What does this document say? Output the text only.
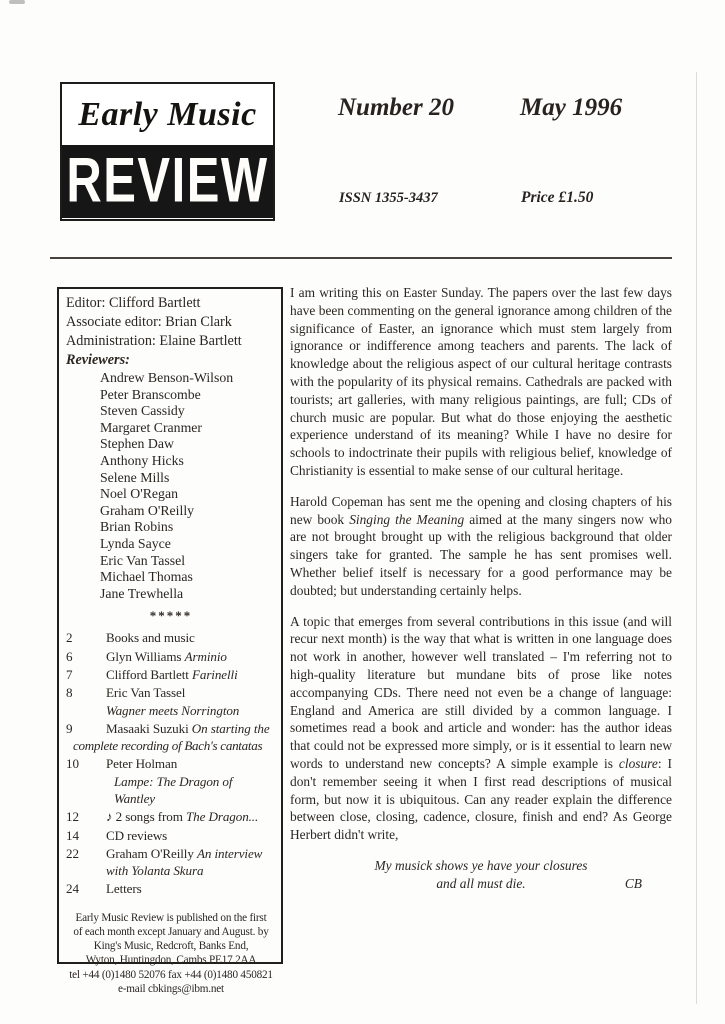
Early Music
REVIEW
Number 20	May 1996
ISSN 1355-3437	Price £1.50
Editor: Clifford Bartlett
Associate editor: Brian Clark
Administration: Elaine Bartlett
Reviewers:
Andrew Benson-Wilson
Peter Branscombe
Steven Cassidy
Margaret Cranmer
Stephen Daw
Anthony Hicks
Selene Mills
Noel O'Regan
Graham O'Reilly
Brian Robins
Lynda Sayce
Eric Van Tassel
Michael Thomas
Jane Trewhella
*****
2	Books and music
6	Glyn Williams Arminio
7	Clifford Bartlett Farinelli
8	Eric Van Tassel
Wagner meets Norrington
9	Masaaki Suzuki On starting the
complete recording of Bach's cantatas
10	Peter Holman
Lampe: The Dragon of Wantley
12	♪ 2 songs from The Dragon...
14	CD reviews
22	Graham O'Reilly An interview
with Yolanta Skura
24	Letters
Early Music Review is published on the first
of each month except January and August. by
King's Music, Redcroft, Banks End,
Wyton, Huntingdon, Cambs PE17 2AA
tel +44 (0)1480 52076 fax +44 (0)1480 450821
e-mail cbkings@ibm.net

I am writing this on Easter Sunday. The papers over the last few days have been commenting on the general ignorance among children of the significance of Easter, an ignorance which must stem largely from ignorance or indifference among teachers and parents. The lack of knowledge about the religious aspect of our cultural heritage contrasts with the popularity of its physical remains. Cathedrals are packed with tourists; art galleries, with many religious paintings, are full; CDs of church music are popular. But what do those enjoying the aesthetic experience understand of its meaning? While I have no desire for schools to indoctrinate their pupils with religious belief, knowledge of Christianity is essential to make sense of our cultural heritage.

Harold Copeman has sent me the opening and closing chapters of his new book Singing the Meaning aimed at the many singers now who are not brought brought up with the religious background that older singers take for granted. The sample he has sent promises well. Whether belief itself is necessary for a good performance may be doubted; but understanding certainly helps.

A topic that emerges from several contributions in this issue (and will recur next month) is the way that what is written in one language does not work in another, however well translated – I'm referring not to high-quality literature but mundane bits of prose like notes accompanying CDs. There need not even be a change of language: England and America are still divided by a common language. I sometimes read a book and article and wonder: has the author ideas that could not be expressed more simply, or is it essential to learn new words to understand new concepts? A simple example is closure: I don't remember seeing it when I first read descriptions of musical form, but now it is ubiquitous. Can any reader explain the difference between close, closing, cadence, closure, finish and end? As George Herbert didn't write,

My musick shows ye have your closures
and all must die.	CB
